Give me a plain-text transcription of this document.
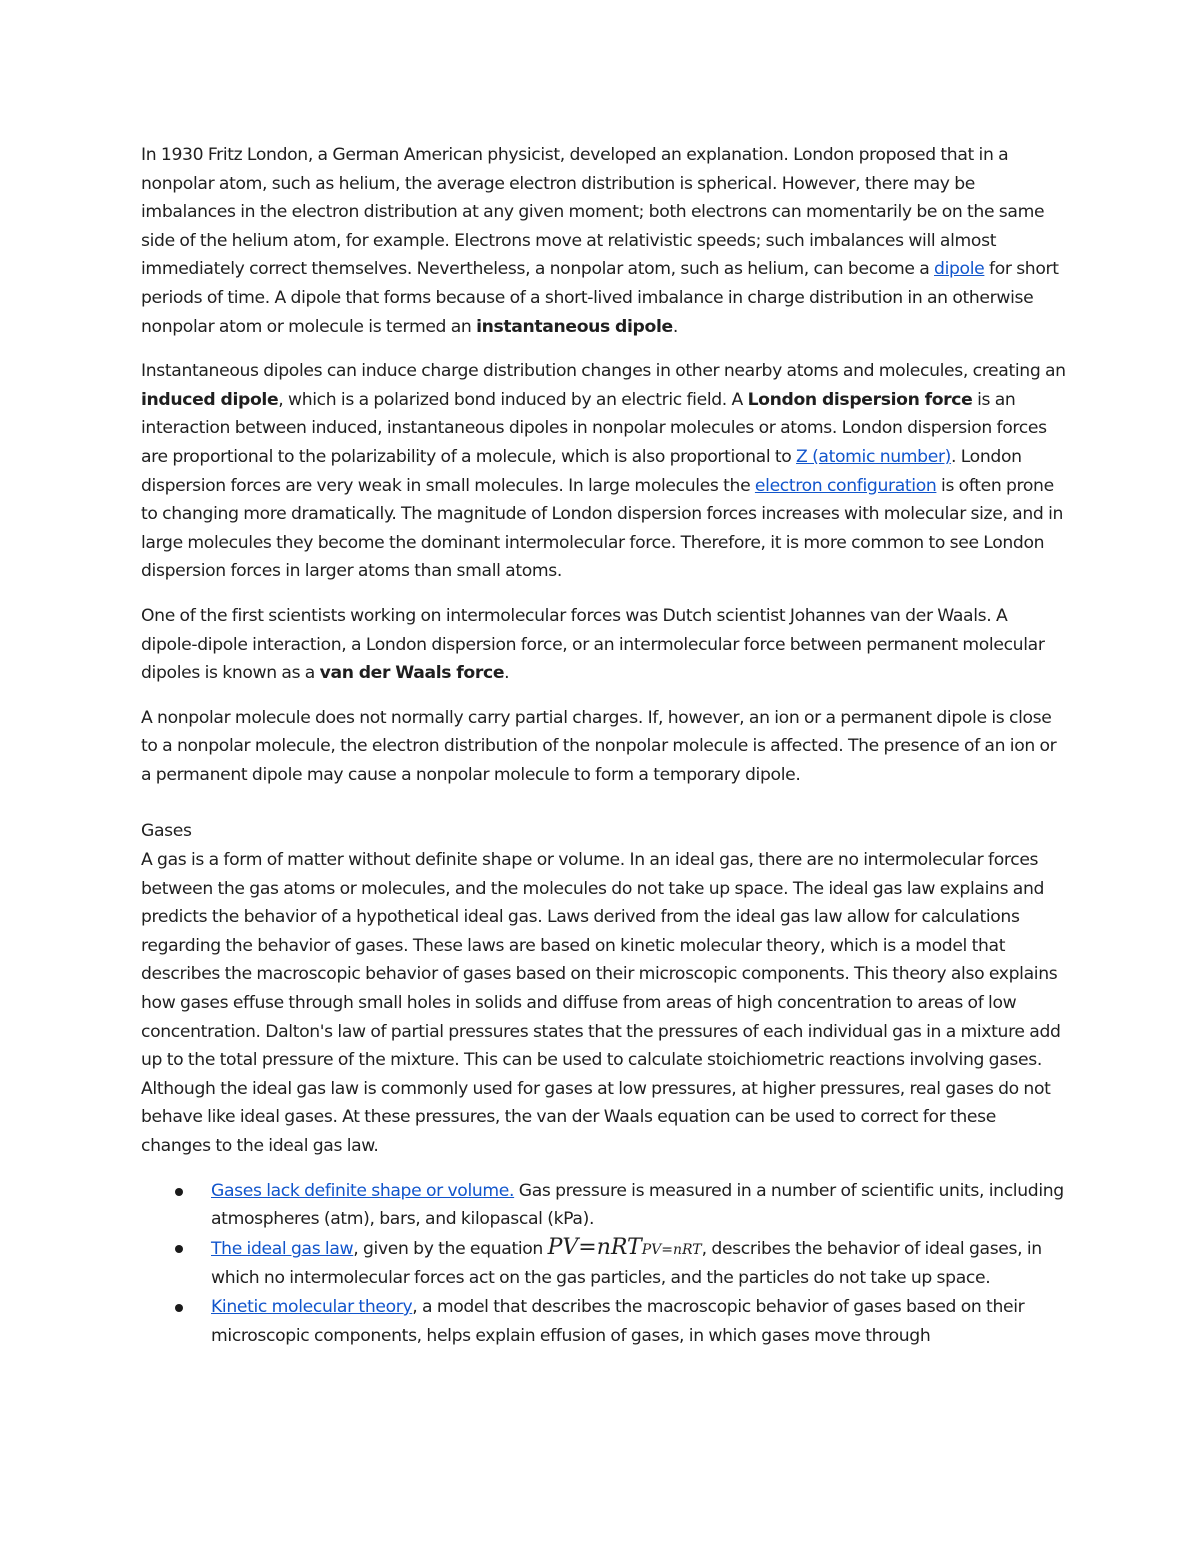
In 1930 Fritz London, a German American physicist, developed an explanation. London proposed that in a nonpolar atom, such as helium, the average electron distribution is spherical. However, there may be imbalances in the electron distribution at any given moment; both electrons can momentarily be on the same side of the helium atom, for example. Electrons move at relativistic speeds; such imbalances will almost immediately correct themselves. Nevertheless, a nonpolar atom, such as helium, can become a dipole for short periods of time. A dipole that forms because of a short-lived imbalance in charge distribution in an otherwise nonpolar atom or molecule is termed an instantaneous dipole.

Instantaneous dipoles can induce charge distribution changes in other nearby atoms and molecules, creating an induced dipole, which is a polarized bond induced by an electric field. A London dispersion force is an interaction between induced, instantaneous dipoles in nonpolar molecules or atoms. London dispersion forces are proportional to the polarizability of a molecule, which is also proportional to Z (atomic number). London dispersion forces are very weak in small molecules. In large molecules the electron configuration is often prone to changing more dramatically. The magnitude of London dispersion forces increases with molecular size, and in large molecules they become the dominant intermolecular force. Therefore, it is more common to see London dispersion forces in larger atoms than small atoms.

One of the first scientists working on intermolecular forces was Dutch scientist Johannes van der Waals. A dipole-dipole interaction, a London dispersion force, or an intermolecular force between permanent molecular dipoles is known as a van der Waals force.

A nonpolar molecule does not normally carry partial charges. If, however, an ion or a permanent dipole is close to a nonpolar molecule, the electron distribution of the nonpolar molecule is affected. The presence of an ion or a permanent dipole may cause a nonpolar molecule to form a temporary dipole.

Gases

A gas is a form of matter without definite shape or volume. In an ideal gas, there are no intermolecular forces between the gas atoms or molecules, and the molecules do not take up space. The ideal gas law explains and predicts the behavior of a hypothetical ideal gas. Laws derived from the ideal gas law allow for calculations regarding the behavior of gases. These laws are based on kinetic molecular theory, which is a model that describes the macroscopic behavior of gases based on their microscopic components. This theory also explains how gases effuse through small holes in solids and diffuse from areas of high concentration to areas of low concentration. Dalton's law of partial pressures states that the pressures of each individual gas in a mixture add up to the total pressure of the mixture. This can be used to calculate stoichiometric reactions involving gases. Although the ideal gas law is commonly used for gases at low pressures, at higher pressures, real gases do not behave like ideal gases. At these pressures, the van der Waals equation can be used to correct for these changes to the ideal gas law.

Gases lack definite shape or volume. Gas pressure is measured in a number of scientific units, including atmospheres (atm), bars, and kilopascal (kPa).
The ideal gas law, given by the equation PV=nRTPV=nRT, describes the behavior of ideal gases, in which no intermolecular forces act on the gas particles, and the particles do not take up space.
Kinetic molecular theory, a model that describes the macroscopic behavior of gases based on their microscopic components, helps explain effusion of gases, in which gases move through
